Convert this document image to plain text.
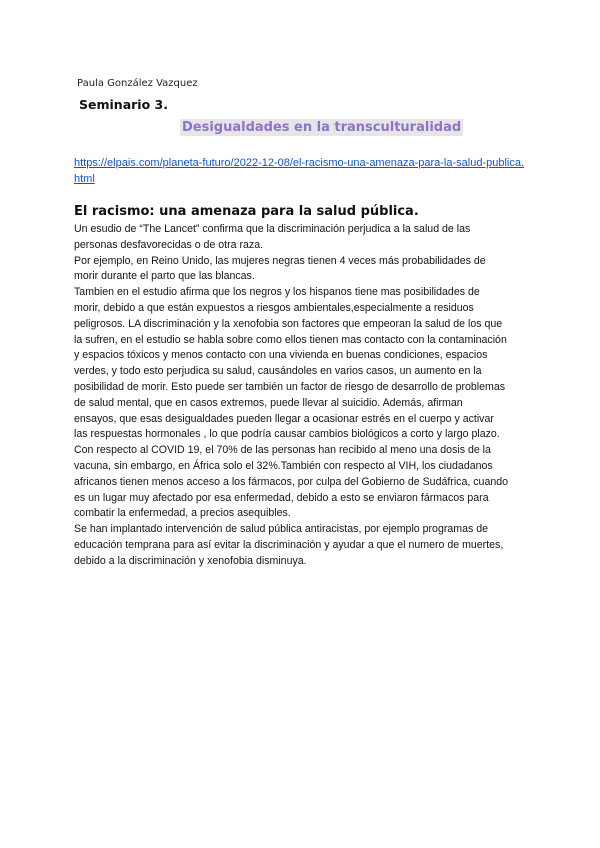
Paula González Vazquez
Seminario 3.
Desigualdades en la transculturalidad
https://elpais.com/planeta-futuro/2022-12-08/el-racismo-una-amenaza-para-la-salud-publica.
html
El racismo: una amenaza para la salud pública.
Un esudio de “The Lancet” confirma que la discriminación perjudica a la salud de las
personas desfavorecidas o de otra raza.
Por ejemplo, en Reino Unido, las mujeres negras tienen 4 veces más probabilidades de
morir durante el parto que las blancas.
Tambien en el estudio afirma que los negros y los hispanos tiene mas posibilidades de
morir, debido a que están expuestos a riesgos ambientales,especialmente a residuos
peligrosos. LA discriminación y la xenofobia son factores que empeoran la salud de los que
la sufren, en el estudio se habla sobre como ellos tienen mas contacto con la contaminación
y espacios tóxicos y menos contacto con una vivienda en buenas condiciones, espacios
verdes, y todo esto perjudica su salud, causándoles en varios casos, un aumento en la
posibilidad de morir. Esto puede ser también un factor de riesgo de desarrollo de problemas
de salud mental, que en casos extremos, puede llevar al suicidio. Además, afirman
ensayos, que esas desigualdades pueden llegar a ocasionar estrés en el cuerpo y activar
las respuestas hormonales , lo que podría causar cambios biológicos a corto y largo plazo.
Con respecto al COVID 19, el 70% de las personas han recibido al meno una dosis de la
vacuna, sin embargo, en África solo el 32%.También con respecto al VIH, los ciudadanos
africanos tienen menos acceso a los fármacos, por culpa del Gobierno de Sudáfrica, cuando
es un lugar muy afectado por esa enfermedad, debido a esto se enviaron fármacos para
combatir la enfermedad, a precios asequibles.
Se han implantado intervención de salud pública antiracistas, por ejemplo programas de
educación temprana para así evitar la discriminación y ayudar a que el numero de muertes,
debido a la discriminación y xenofobia disminuya.
